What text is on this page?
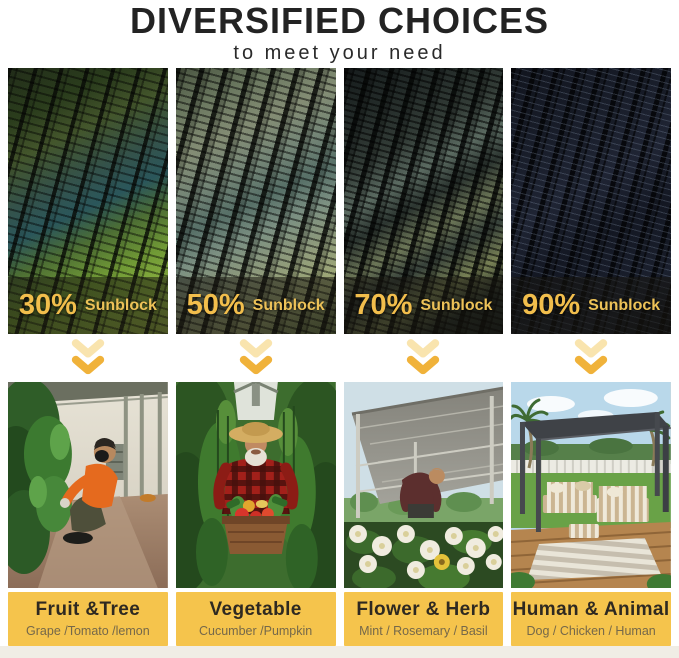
DIVERSIFIED CHOICES
to meet your need
30% Sunblock 50% Sunblock 70% Sunblock 90% Sunblock
Fruit &Tree

Grape /Tomato /lemon

Vegetable

Cucumber /Pumpkin

Flower & Herb

Mint / Rosemary / Basil

Human & Animal

Dog / Chicken / Human
